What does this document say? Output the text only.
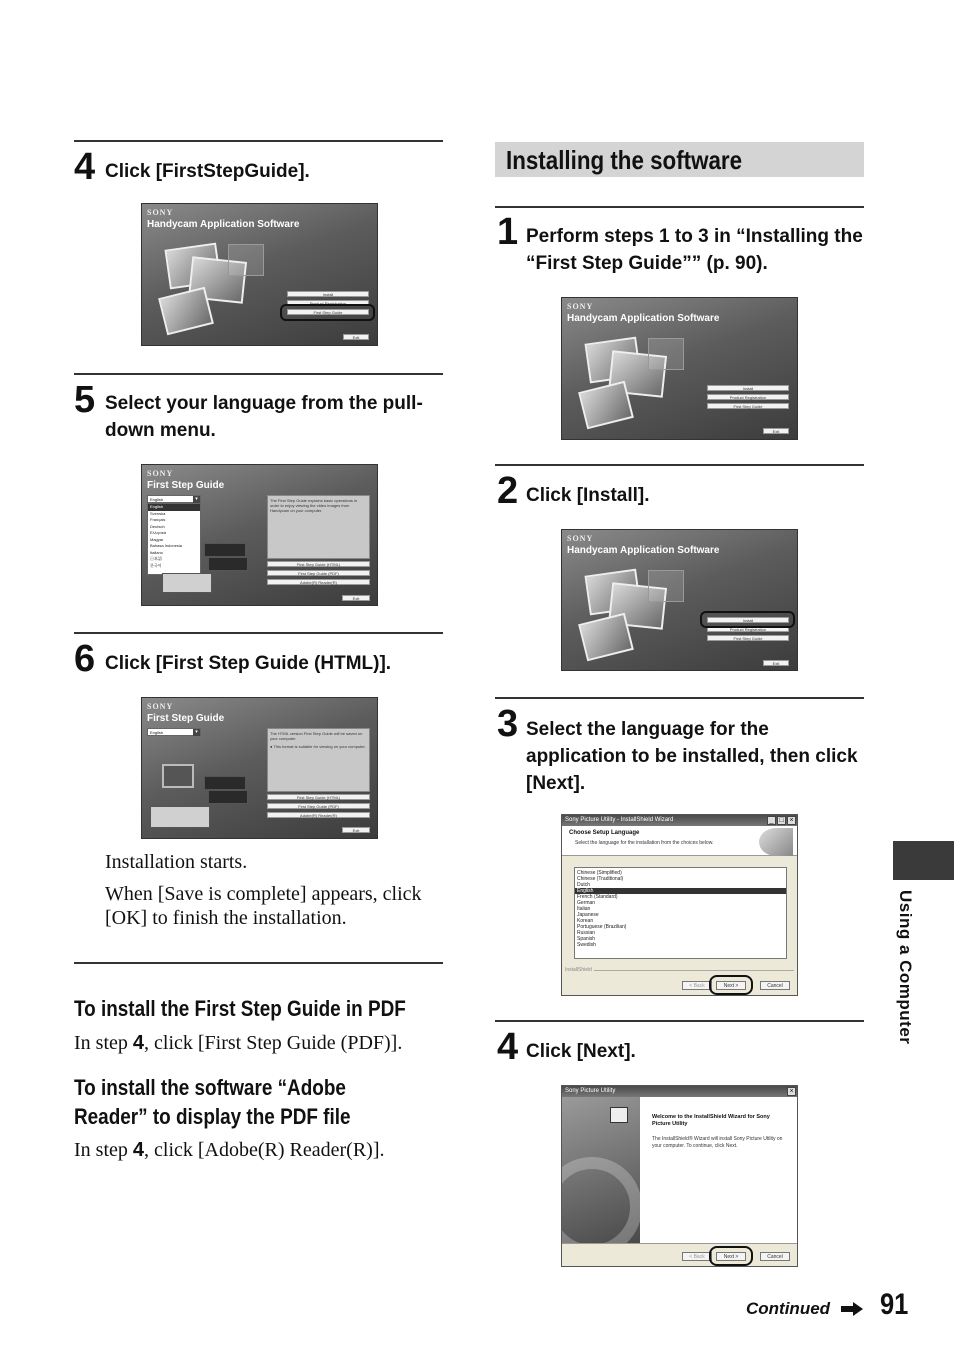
4 Click [FirstStepGuide].
SONY
Handycam Application Software
Install
Product Registration
First Step Guide
Exit
5 Select your language from the pull-down menu.
SONY
First Step Guide
English	▾
English
Svenska
Français
Deutsch
Ελληνικά
Magyar
Bahasa Indonesia
Italiano
日本語
한국어
The First Step Guide explains basic operations in order to enjoy viewing the video images from Handycam on your computer.
First Step Guide (HTML)
First Step Guide (PDF)
Adobe(R) Reader(R)
Exit
6 Click [First Step Guide (HTML)].
SONY
First Step Guide
English	▾	The HTML version First Step Guide will be saved on your computer.
● This format is suitable for viewing on your computer.
First Step Guide (HTML)
First Step Guide (PDF)
Adobe(R) Reader(R)
Exit
Installation starts.
When [Save is complete] appears, click [OK] to finish the installation.
To install the First Step Guide in PDF
In step 4, click [First Step Guide (PDF)].
To install the software “Adobe
Reader” to display the PDF file
In step 4, click [Adobe(R) Reader(R)].
Installing the software
1 Perform steps 1 to 3 in “Installing the “First Step Guide”” (p. 90).
SONY
Handycam Application Software
Install
Product Registration
First Step Guide
Exit
2 Click [Install].
SONY
Handycam Application Software
Install
Product Registration
First Step Guide
Exit
3 Select the language for the application to be installed, then click [Next].
Sony Picture Utility - InstallShield Wizard	_ □ ×
Choose Setup Language
Select the language for the installation from the choices below.
Chinese (Simplified)
Chinese (Traditional)
Dutch
English
French (Standard)
German
Italian
Japanese
Korean
Portuguese (Brazilian)
Russian
Spanish
Swedish
InstallShield
< Back	Next >	Cancel
4 Click [Next].
Sony Picture Utility	×
Welcome to the InstallShield Wizard for Sony Picture Utility
The InstallShield® Wizard will install Sony Picture Utility on your computer. To continue, click Next.
< Back	Next >	Cancel
Using a Computer
Continued 91
